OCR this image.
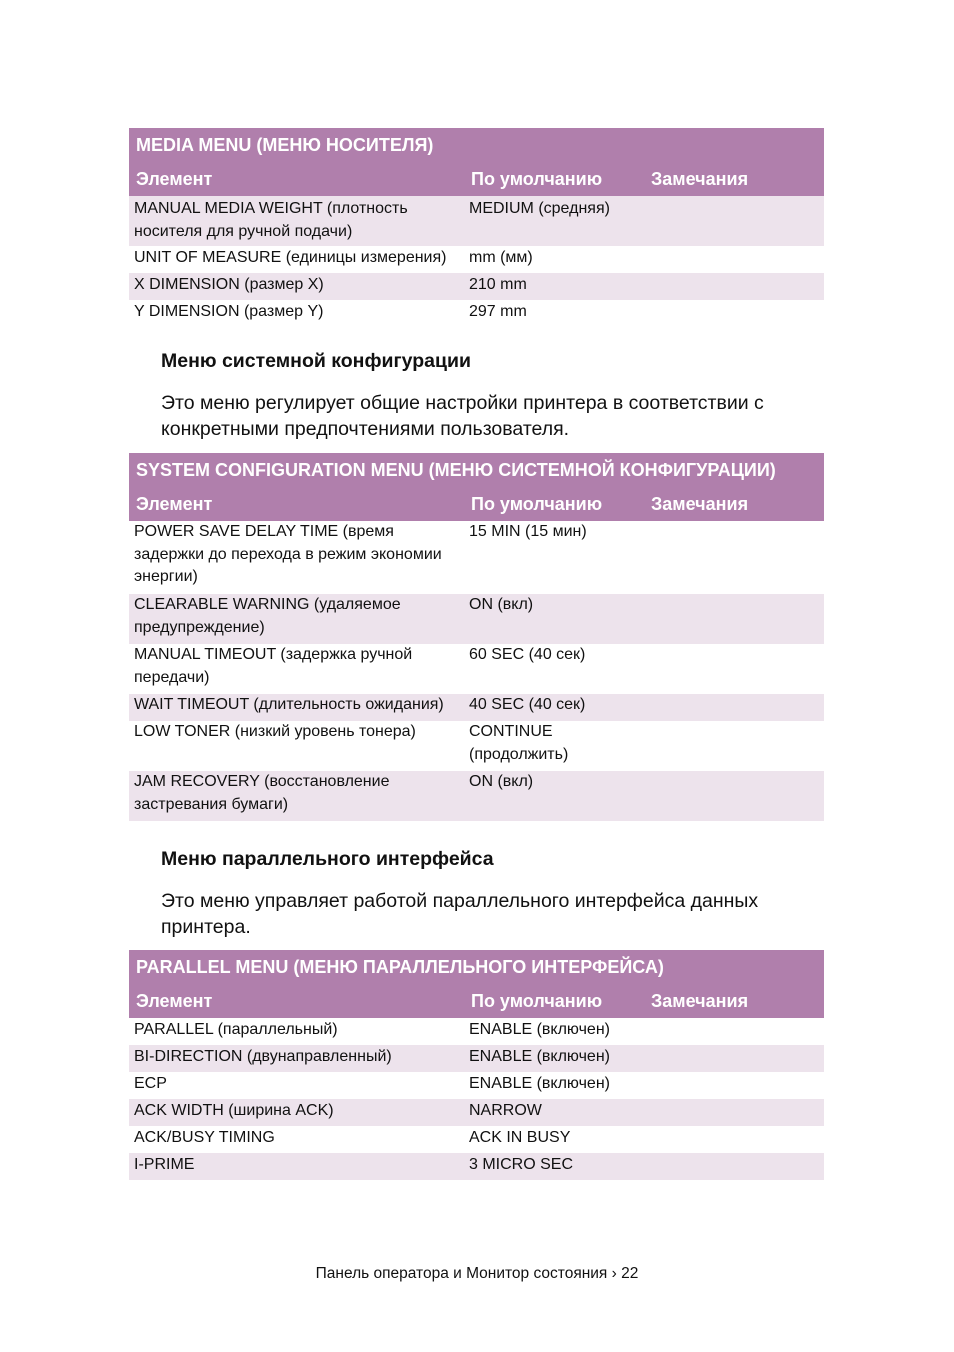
MEDIA MENU (МЕНЮ НОСИТЕЛЯ)		
Элемент	По умолчанию	Замечания
MANUAL MEDIA WEIGHT (плотность носителя для ручной подачи)	MEDIUM (средняя)	
UNIT OF MEASURE (единицы измерения)	mm (мм)	
X DIMENSION (размер X)	210 mm	
Y DIMENSION (размер Y)	297 mm	

Меню системной конфигурации

Это меню регулирует общие настройки принтера в соответствии с конкретными предпочтениями пользователя.

SYSTEM CONFIGURATION MENU (МЕНЮ СИСТЕМНОЙ КОНФИГУРАЦИИ)		
Элемент	По умолчанию	Замечания
POWER SAVE DELAY TIME (время задержки до перехода в режим экономии энергии)	15 MIN (15 мин)	
CLEARABLE WARNING (удаляемое предупреждение)	ON (вкл)	
MANUAL TIMEOUT (задержка ручной передачи)	60 SEC (40 сек)	
WAIT TIMEOUT (длительность ожидания)	40 SEC (40 сек)	
LOW TONER (низкий уровень тонера)	CONTINUE (продолжить)	
JAM RECOVERY (восстановление застревания бумаги)	ON (вкл)	

Меню параллельного интерфейса

Это меню управляет работой параллельного интерфейса данных принтера.

PARALLEL MENU (МЕНЮ ПАРАЛЛЕЛЬНОГО ИНТЕРФЕЙСА)		
Элемент	По умолчанию	Замечания
PARALLEL (параллельный)	ENABLE (включен)	
BI-DIRECTION (двунаправленный)	ENABLE (включен)	
ECP	ENABLE (включен)	
ACK WIDTH (ширина ACK)	NARROW	
ACK/BUSY TIMING	ACK IN BUSY	
I-PRIME	3 MICRO SEC	
Панель оператора и Монитор состояния › 22
